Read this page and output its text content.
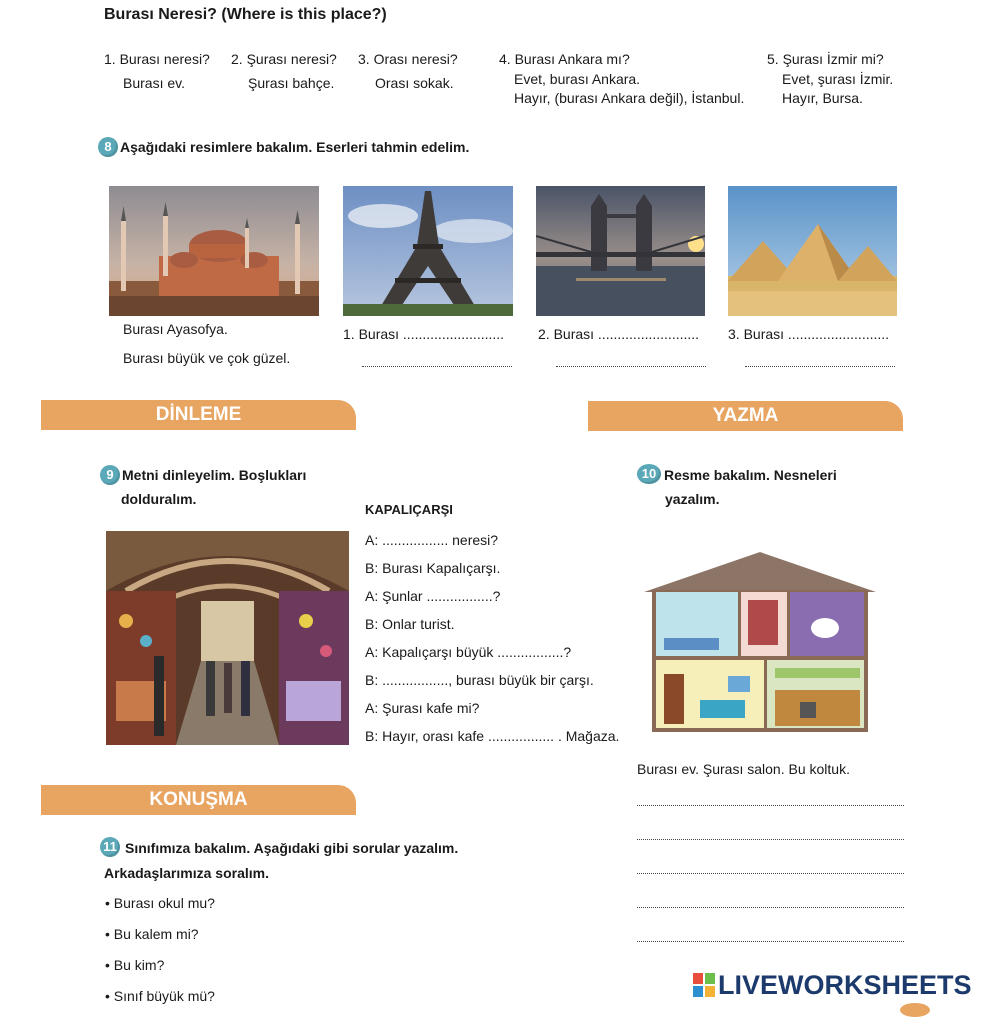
Burası Neresi? (Where is this place?)
1. Burası neresi?
Burası ev.
2. Şurası neresi?
Şurası bahçe.
3. Orası neresi?
Orası sokak.
4. Burası Ankara mı?
Evet, burası Ankara.
Hayır, (burası Ankara değil), İstanbul.
5. Şurası İzmir mi?
Evet, şurası İzmir.
Hayır, Bursa.
8 Aşağıdaki resimlere bakalım. Eserleri tahmin edelim.
Burası Ayasofya.
Burası büyük ve çok güzel.
1. Burası .......................... 2. Burası .......................... 3. Burası ..........................
DİNLEME	YAZMA
KONUŞMA
9 Metni dinleyelim. Boşlukları
dolduralım.
KAPALIÇARŞI
A: ................. neresi?
B: Burası Kapalıçarşı.
A: Şunlar .................?
B: Onlar turist.
A: Kapalıçarşı büyük .................?
B: ................., burası büyük bir çarşı.
A: Şurası kafe mi?
B: Hayır, orası kafe ................. . Mağaza.
10 Resme bakalım. Nesneleri
yazalım.
Burası ev. Şurası salon. Bu koltuk.
11 Sınıfımıza bakalım. Aşağıdaki gibi sorular yazalım.
Arkadaşlarımıza soralım.
• Burası okul mu?
• Bu kalem mi?
• Bu kim?
• Sınıf büyük mü?	LIVEWORKSHEETS
